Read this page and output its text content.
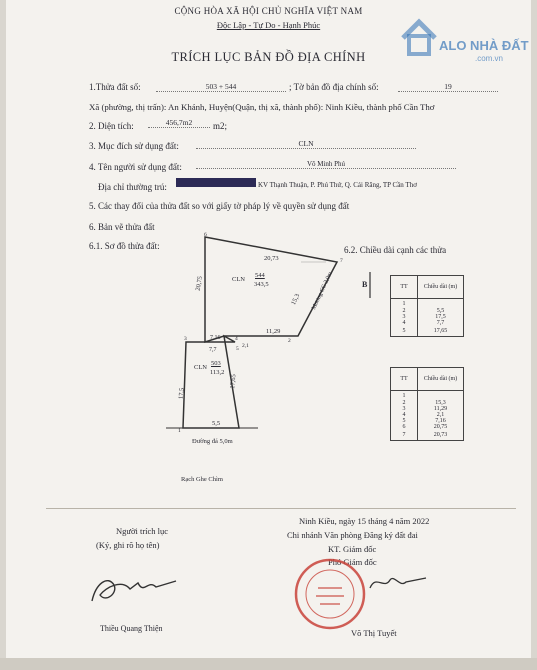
CỘNG HÒA XÃ HỘI CHỦ NGHĨA VIỆT NAM
Độc Lập - Tự Do - Hạnh Phúc
TRÍCH LỤC BẢN ĐỒ ĐỊA CHÍNH
ALO NHÀ ĐẤT
.com.vn
1.Thửa đất số:	503 + 544	; Tờ bản đồ địa chính số:	19
Xã (phường, thị trấn): An Khánh, Huyện(Quận, thị xã, thành phố): Ninh Kiều, thành phố Cần Thơ
2. Diện tích:	456,7m2	m2;
3. Mục đích sử dụng đất:	CLN
4. Tên người sử dụng đất:	Võ Minh Phú
Địa chỉ thường trú:	KV Thạnh Thuận, P. Phú Thứ, Q. Cái Răng, TP Cần Thơ
5. Các thay đổi của thửa đất so với giấy tờ pháp lý về quyền sử dụng đất
6. Bản vẽ thửa đất
6.1. Sơ đồ thửa đất:	6.2. Chiều dài cạnh các thửa
B
CLN
544
343,5
CLN
503
113,2
20,73
20,75
15,3
11,29
7,16
7,7
17,5
17,65
5,5
2,1
6
7
2
3	4
5
1
Mương CC 2,0m
Đường đá 5,0m
Rạch Ghe Chìm
TT	Chiều dài (m)
1	
2	5,5
3	17,5
4	7,7
5	17,65
TT	Chiều dài (m)
1	
2	15,3
3	11,29
4	2,1
5	7,16
6	20,75
7	20,73
Ninh Kiều, ngày 15 tháng 4 năm 2022
Chi nhánh Văn phòng Đăng ký đất đai
KT. Giám đốc
Phó Giám đốc
Người trích lục
(Ký, ghi rõ họ tên)
Thiều Quang Thiện	Võ Thị Tuyết
